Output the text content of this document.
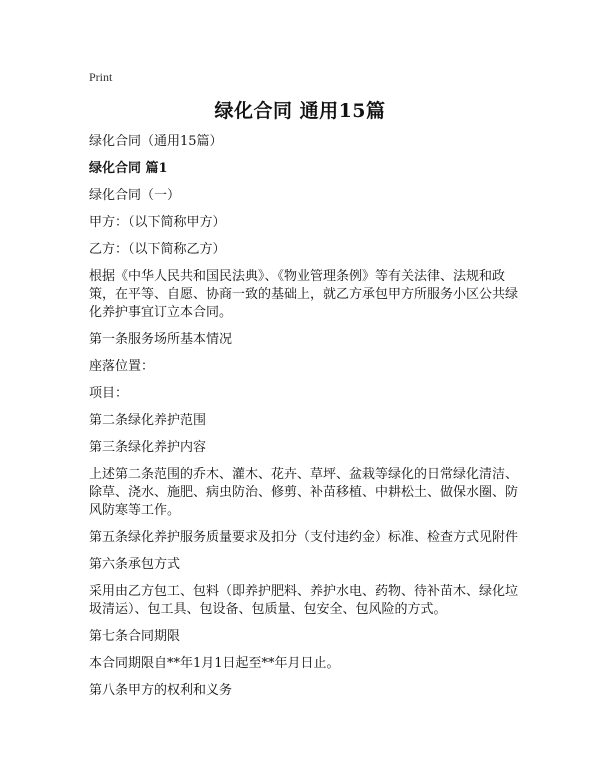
Print
绿化合同 通用15篇

绿化合同（通用15篇）

绿化合同 篇1

绿化合同（一）

甲方：（以下简称甲方）

乙方：（以下简称乙方）

根据《中华人民共和国民法典》、《物业管理条例》等有关法律、法规和政策，在平等、自愿、协商一致的基础上，就乙方承包甲方所服务小区公共绿化养护事宜订立本合同。

第一条服务场所基本情况

座落位置：

项目：

第二条绿化养护范围

第三条绿化养护内容

上述第二条范围的乔木、灌木、花卉、草坪、盆栽等绿化的日常绿化清洁、除草、浇水、施肥、病虫防治、修剪、补苗移植、中耕松土、做保水圈、防风防寒等工作。

第五条绿化养护服务质量要求及扣分（支付违约金）标准、检查方式见附件

第六条承包方式

采用由乙方包工、包料（即养护肥料、养护水电、药物、待补苗木、绿化垃圾清运）、包工具、包设备、包质量、包安全、包风险的方式。

第七条合同期限

本合同期限自**年1月1日起至**年月日止。

第八条甲方的权利和义务
